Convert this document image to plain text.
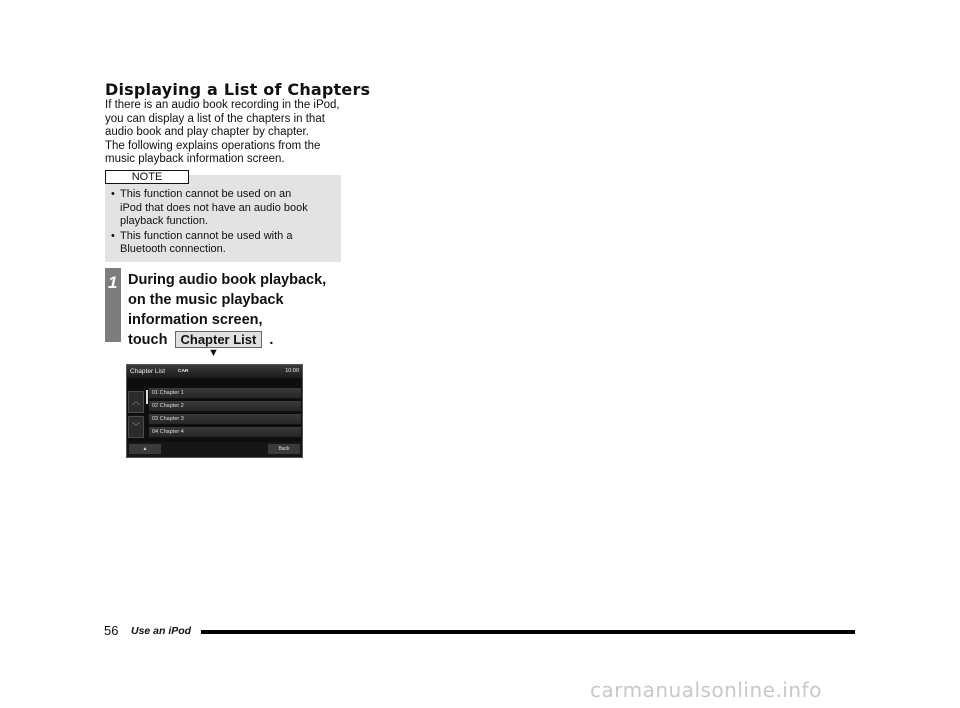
Displaying a List of Chapters
If there is an audio book recording in the iPod,
you can display a list of the chapters in that
audio book and play chapter by chapter.
The following explains operations from the
music playback information screen.
NOTE
• This function cannot be used on an
iPod that does not have an audio book
playback function.
• This function cannot be used with a
Bluetooth connection.
1 During audio book playback,
on the music playback
information screen,
touch Chapter List .
▼
Chapter List	CAR	10:00
︿
﹀
01 Chapter 1
02 Chapter 2
03 Chapter 3
04 Chapter 4
▲	Back
56 Use an iPod
carmanualsonline.info
